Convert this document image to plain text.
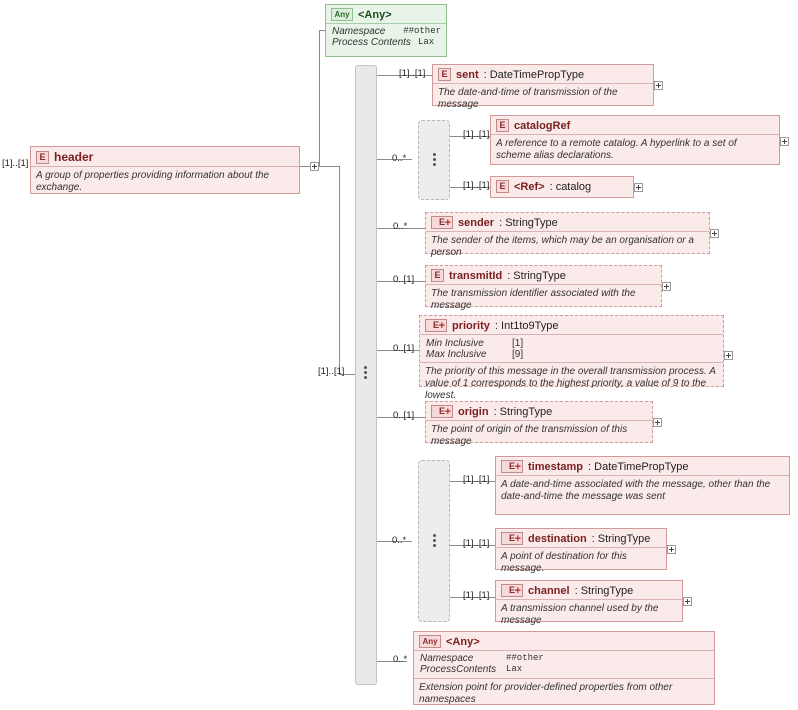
[1]..[1]
Any <Any>
Namespace	##other
Process Contents Lax
[1]..[1]
E header
A group of properties providing information about the exchange.
[1]..[1]	E sent : DateTimePropType
The date-and-time of transmission of the message
0..*
[1]..[1]
E catalogRef
A reference to a remote catalog. A hyperlink to a set of scheme alias declarations.
[1]..[1]	E <Ref> : catalog
0..*	E + sender : StringType
The sender of the items, which may be an organisation or a person
0..[1]	E transmitId : StringType
The transmission identifier associated with the message
0..[1]
E + priority : Int1to9Type
Min Inclusive	[1]
Max Inclusive	[9]
The priority of this message in the overall transmission process. A value of 1 corresponds to the highest priority, a value of 9 to the lowest.
0..[1]	E + origin : StringType
The point of origin of the transmission of this message
0..*
[1]..[1]
E + timestamp : DateTimePropType
A date-and-time associated with the message, other than the date-and-time the message was sent
[1]..[1]	E + destination : StringType
A point of destination for this message.
[1]..[1]	E + channel : StringType
A transmission channel used by the message
0..*
Any <Any>
Namespace	##other
ProcessContents	Lax
Extension point for provider-defined properties from other namespaces
